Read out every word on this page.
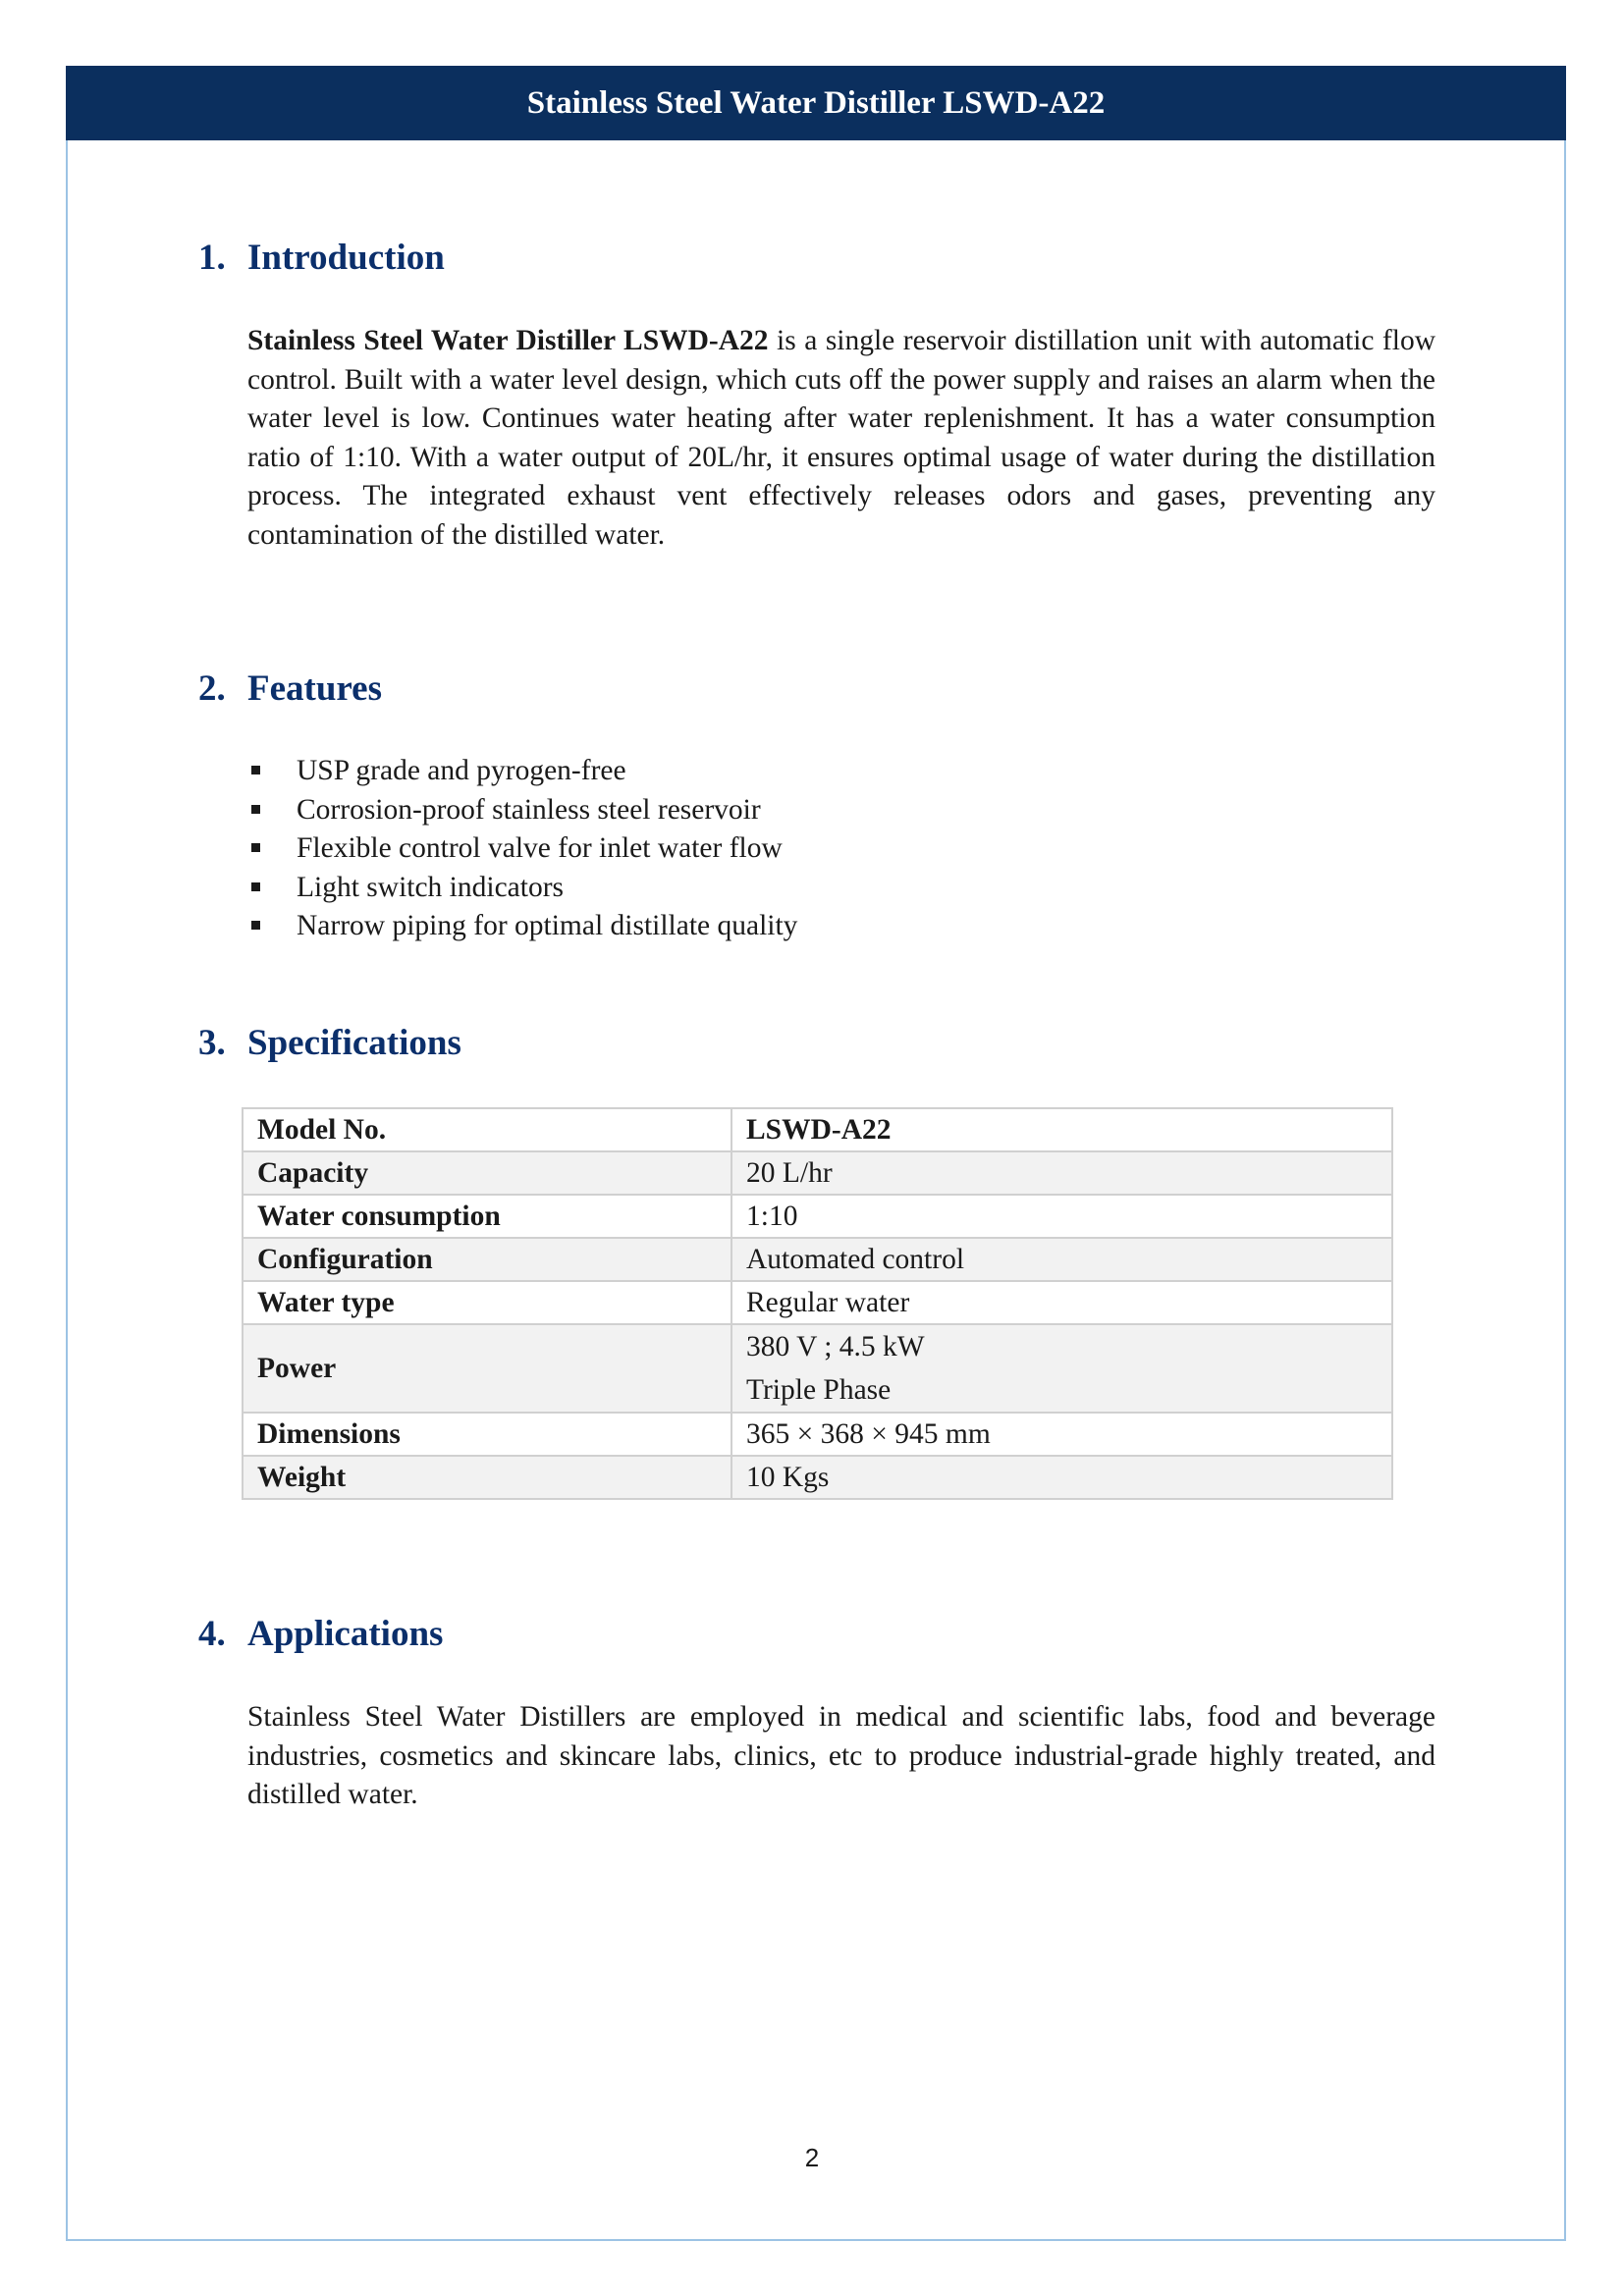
Stainless Steel Water Distiller LSWD-A22
1. Introduction

Stainless Steel Water Distiller LSWD-A22 is a single reservoir distillation unit with automatic flow control. Built with a water level design, which cuts off the power supply and raises an alarm when the water level is low. Continues water heating after water replenishment. It has a water consumption ratio of 1:10. With a water output of 20L/hr, it ensures optimal usage of water during the distillation process. The integrated exhaust vent effectively releases odors and gases, preventing any contamination of the distilled water.

2. Features
USP grade and pyrogen-free
Corrosion-proof stainless steel reservoir
Flexible control valve for inlet water flow
Light switch indicators
Narrow piping for optimal distillate quality
3. Specifications
Model No.	LSWD-A22
Capacity	20 L/hr
Water consumption	1:10
Configuration	Automated control
Water type	Regular water
Power	380 V ; 4.5 kW
Triple Phase

Dimensions	365 × 368 × 945 mm
Weight	10 Kgs
4. Applications

Stainless Steel Water Distillers are employed in medical and scientific labs, food and beverage industries, cosmetics and skincare labs, clinics, etc to produce industrial-grade highly treated, and distilled water.

2
